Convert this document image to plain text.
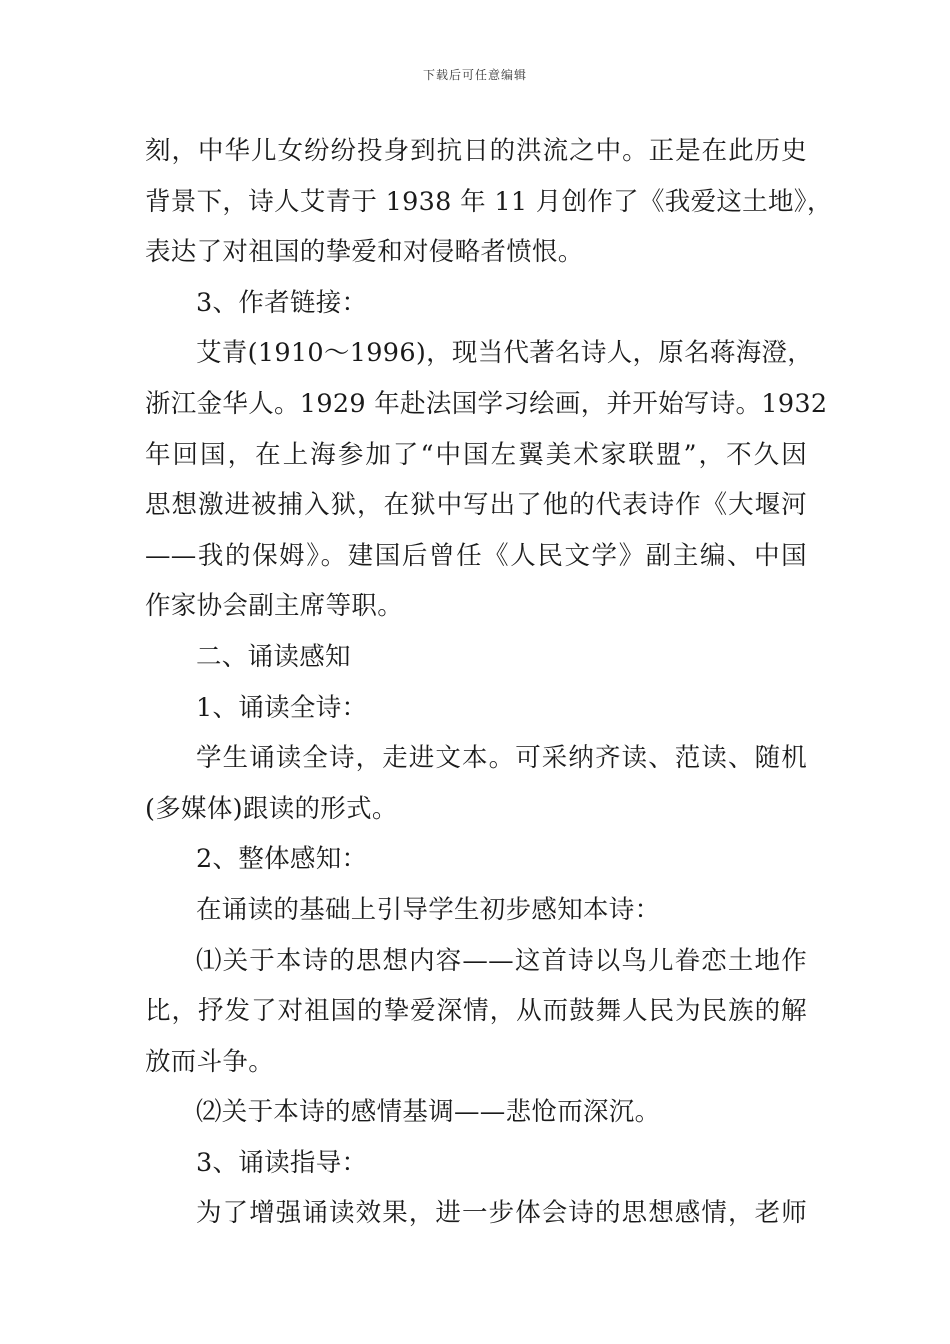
下载后可任意编辑
刻，中华儿女纷纷投身到抗日的洪流之中。正是在此历史
背景下，诗人艾青于 1938 年 11 月创作了《我爱这土地》，
表达了对祖国的挚爱和对侵略者愤恨。
3、作者链接：
艾青(1910～1996)，现当代著名诗人，原名蒋海澄，
浙江金华人。1929 年赴法国学习绘画，并开始写诗。1932
年回国，在上海参加了“中国左翼美术家联盟”，不久因
思想激进被捕入狱，在狱中写出了他的代表诗作《大堰河
——我的保姆》。建国后曾任《人民文学》副主编、中国
作家协会副主席等职。
二、诵读感知
1、诵读全诗：
学生诵读全诗，走进文本。可采纳齐读、范读、随机
(多媒体)跟读的形式。
2、整体感知：
在诵读的基础上引导学生初步感知本诗：
⑴关于本诗的思想内容——这首诗以鸟儿眷恋土地作
比，抒发了对祖国的挚爱深情，从而鼓舞人民为民族的解
放而斗争。
⑵关于本诗的感情基调——悲怆而深沉。
3、诵读指导：
为了增强诵读效果，进一步体会诗的思想感情，老师
